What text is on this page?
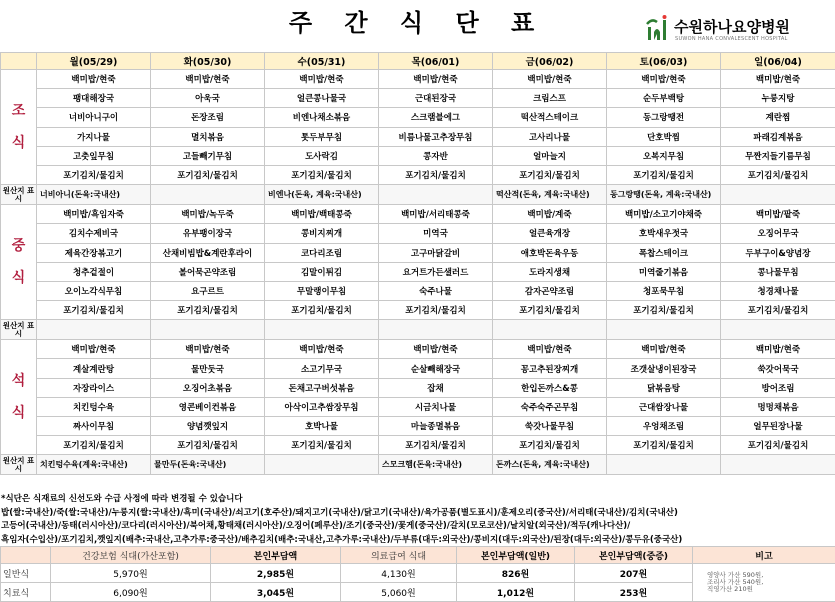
주 간 식 단 표	수원하나요양병원
SUWON HANA CONVALESCENT HOSPITAL
	월(05/29)	화(05/30)	수(05/31)	목(06/01)	금(06/02)	토(06/03)	일(06/04)
조

식	백미밥/현죽	백미밥/현죽	백미밥/현죽	백미밥/현죽	백미밥/현죽	백미밥/현죽	백미밥/현죽
	팽대해장국	아욱국	얼큰콩나물국	근대된장국	크림스프	순두부백탕	누룽지탕
	너비아니구이	돈장조림	비엔나채소볶음	스크램블에그	떡산적스테이크	동그랑땡전	계란찜
	가지나물	멸치볶음	톳두부무침	비름나물고추장무침	고사리나물	단호박찜	파래김계볶음
	고춧잎무침	고들빼기무침	도사락김	콩자반	얼마늘지	오복지무침	무짠지들기름무침
	포기김치/물김치	포기김치/물김치	포기김치/물김치	포기김치/물김치	포기김치/물김치	포기김치/물김치	포기김치/물김치
원산지 표시	너비아니(돈육:국내산)		비엔나(돈육, 계육:국내산)		떡산적(돈육, 계육:국내산)	동그랑땡(돈육, 계육:국내산)	
중

식	백미밥/흑임자죽	백미밥/녹두죽	백미밥/백태콩죽	백미밥/서리태콩죽	백미밥/계죽	백미밥/소고기야채죽	백미밥/팥죽
	김치수제비국	유부팽이장국	콩비지찌개	미역국	얼큰육개장	호박새우젓국	오징어무국
	제육간장볶고기	산채비빔밥&계란후라이	코다리조림	고구마닭갈비	애호박돈육우동	폭찹스테이크	두부구이&양념장
	청추겉절이	볼어묵곤약조림	김말이튀김	요거트가든샐러드	도라지생채	미역줄기볶음	콩나물무침
	오이노각식무침	요구르트	무말랭이무침	숙주나물	감자곤약조림	청포묵무침	청경채나물
	포기김치/물김치	포기김치/물김치	포기김치/물김치	포기김치/물김치	포기김치/물김치	포기김치/물김치	포기김치/물김치
원산지 표시							
석

식	백미밥/현죽	백미밥/현죽	백미밥/현죽	백미밥/현죽	백미밥/현죽	백미밥/현죽	백미밥/현죽
	계살계란탕	물만둣국	소고기무국	순살빼해장국	꽁고추된장찌개	조갯살냉이된장국	쑥갓어묵국
	자장라이스	오징어초볶음	돈채고구버섯볶음	잡채	한입돈까스&콩	닭볶음탕	방어조림
	치킨텅수육	영콘베이컨볶음	아삭이고추쌈장무침	시금치나물	숙주숙주곤무침	근대쌈장나물	멍멍채볶음
	짜사이무침	양념깻잎지	호박나물	마늘종멸볶음	쑥갓나물무침	우엉채조림	얼무된장나물
	포기김치/물김치	포기김치/물김치	포기김치/물김치	포기김치/물김치	포기김치/물김치	포기김치/물김치	포기김치/물김치
원산지 표시	치킨텅수육(계육:국내산)	물만두(돈육:국내산)		스모크햄(돈육:국내산)	돈까스(돈육, 계육:국내산)		
*식단은 식재료의 신선도와 수급 사정에 따라 변경될 수 있습니다
밥(쌀:국내산)/죽(쌀:국내산)/누룽지(쌀:국내산)/흑미(국내산)/쇠고기(호주산)/돼지고기(국내산)/닭고기(국내산)/육가공품(별도표시)/훈제오리(중국산)/서리태(국내산)/김치(국내산)
고등어(국내산)/동태(러시아산)/코다리(러시아산)/북어채,황태채(러시아산)/오징어(페루산)/조기(중국산)/꽃게(중국산)/갈치(모로코산)/날치알(외국산)/적두(캐나다산)/
흑임자(수입산)/포기김치,깻잎지(배추:국내산,고추가루:중국산)/배추김치(배추:국내산,고추가루:국내산)/두부류(대두:외국산)/콩비지(대두:외국산)/된장(대두:외국산)/콩두유(중국산)
	건강보험 식대(가산포함)	본인부담액	의료급여 식대	본인부담액(일반)	본인부담액(중증)	비고
일반식	5,970원	2,985원	4,130원	826원	207원	영양사 가산 590원,
조리사 가산 540원,
직영가산 210원

치료식	6,090원	3,045원	5,060원	1,012원	253원	
